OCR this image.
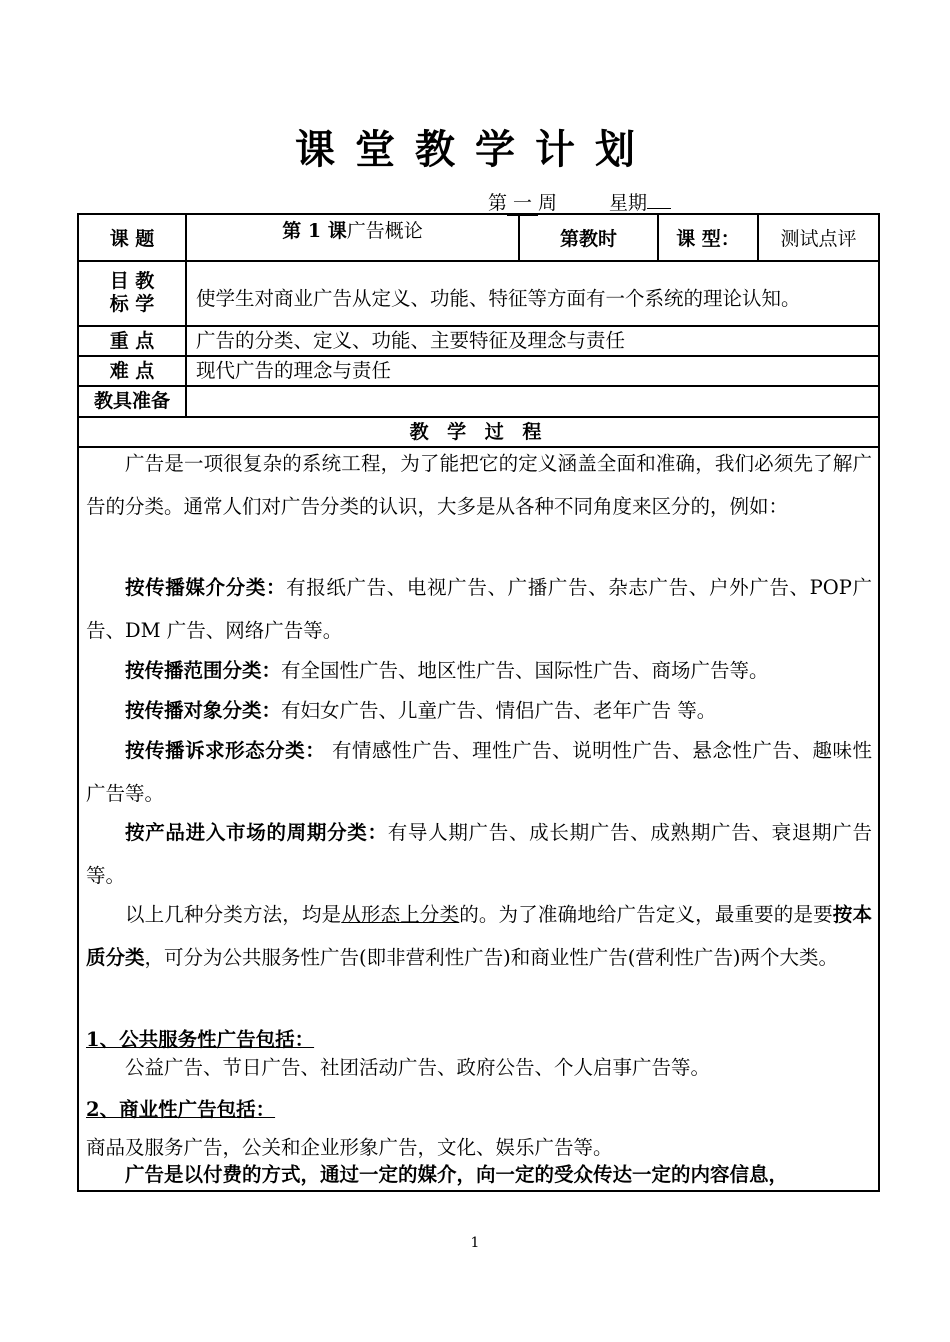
课堂教学计划
第 一 周	星期
课 题	第 1 课广告概论	第教时	课 型：	测试点评
目 教
标 学	使学生对商业广告从定义、功能、特征等方面有一个系统的理论认知。
重 点	广告的分类、定义、功能、主要特征及理念与责任
难 点	现代广告的理念与责任
教具准备
教 学 过 程
广告是一项很复杂的系统工程，为了能把它的定义涵盖全面和准确，我们必须先了解广告的分类。通常人们对广告分类的认识，大多是从各种不同角度来区分的，例如：
按传播媒介分类：有报纸广告、电视广告、广播广告、杂志广告、户外广告、POP广告、DM 广告、网络广告等。
按传播范围分类：有全国性广告、地区性广告、国际性广告、商场广告等。
按传播对象分类：有妇女广告、儿童广告、情侣广告、老年广告 等。
按传播诉求形态分类： 有情感性广告、理性广告、说明性广告、悬念性广告、趣味性广告等。
按产品进入市场的周期分类：有导人期广告、成长期广告、成熟期广告、衰退期广告等。
以上几种分类方法，均是从形态上分类的。为了准确地给广告定义，最重要的是要按本质分类，可分为公共服务性广告(即非营利性广告)和商业性广告(营利性广告)两个大类。
1、公共服务性广告包括：
公益广告、节日广告、社团活动广告、政府公告、个人启事广告等。
2、商业性广告包括：
商品及服务广告，公关和企业形象广告，文化、娱乐广告等。
广告是以付费的方式，通过一定的媒介，向一定的受众传达一定的内容信息，
1
